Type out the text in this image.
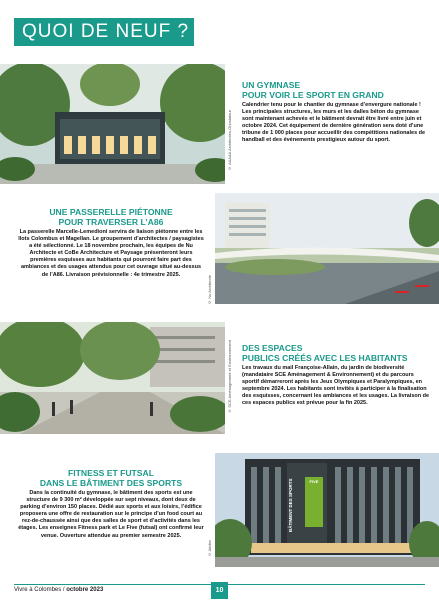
QUOI DE NEUF ?
© AAA&A Architectes-Ghostateur
UN GYMNASE
POUR VOIR LE SPORT EN GRAND
Calendrier tenu pour le chantier du gymnase d’envergure nationale ! Les principales structures, les murs et les dalles béton du gymnase sont maintenant achevés et le bâtiment devrait être livré entre juin et octobre 2024. Cet équipement de dernière génération sera doté d’une tribune de 1 000 places pour accueillir des compétitions nationales de handball et des événements prestigieux autour du sport.
UNE PASSERELLE PIÉTONNE
POUR TRAVERSER L’A86
La passerelle Marcelle-Lemedioni servira de liaison piétonne entre les îlots Colombus et Magellan. Le groupement d’architectes / paysagistes a été sélectionné. Le 18 novembre prochain, les équipes de Nu Architecte et CoBe Architecture et Paysage présenteront leurs premières esquisses aux habitants qui pourront faire part des ambiances et des usages attendus pour cet ouvrage situé au-dessus de l’A86. Livraison prévisionnelle : 4e trimestre 2025.
© Nu Architecte
© SCE Aménagement et Environnement DES ESPACES
PUBLICS CRÉÉS AVEC LES HABITANTS
Les travaux du mail Françoise-Allain, du jardin de biodiversité (mandataire SCE Aménagement & Environnement) et du parcours sportif démarreront après les Jeux Olympiques et Paralympiques, en septembre 2024. Les habitants sont invités à participer à la finalisation des esquisses, concernant les ambiances et les usages. La livraison de ces espaces publics est prévue pour la fin 2025.
FITNESS ET FUTSAL
DANS LE BÂTIMENT DES SPORTS
Dans la continuité du gymnase, le bâtiment des sports est une structure de 9 300 m² développée sur sept niveaux, dont deux de parking d’environ 150 places. Dédié aux sports et aux loisirs, l’édifice proposera une offre de restauration sur le principe d’un food court au rez-de-chaussée ainsi que des salles de sport et d’activités dans les étages. Les enseignes Fitness park et Le Five (futsal) ont confirmé leur venue. Ouverture attendue au premier semestre 2025.
© Atelier
BÂTIMENT DES SPORTS	FIVE
Vivre à Colombes / octobre 2023	10
